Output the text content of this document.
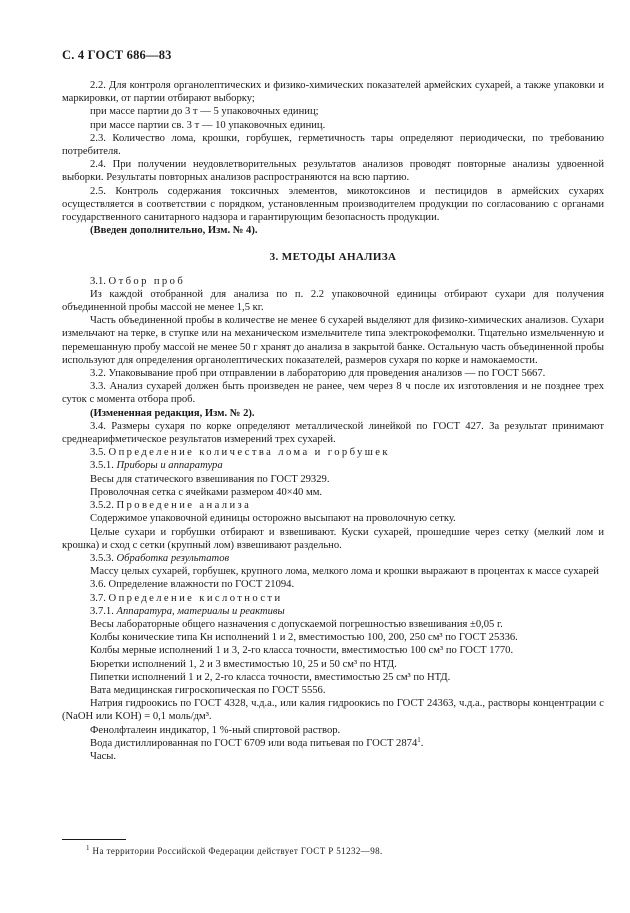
С. 4 ГОСТ 686—83

2.2. Для контроля органолептических и физико-химических показателей армейских сухарей, а также упаковки и маркировки, от партии отбирают выборку;

при массе партии до 3 т — 5 упаковочных единиц;

при массе партии св. 3 т — 10 упаковочных единиц.

2.3. Количество лома, крошки, горбушек, герметичность тары определяют периодически, по требованию потребителя.

2.4. При получении неудовлетворительных результатов анализов проводят повторные анализы удвоенной выборки. Результаты повторных анализов распространяются на всю партию.

2.5. Контроль содержания токсичных элементов, микотоксинов и пестицидов в армейских сухарях осуществляется в соответствии с порядком, установленным производителем продукции по согласованию с органами государственного санитарного надзора и гарантирующим безопасность продукции.

(Введен дополнительно, Изм. № 4).

3. МЕТОДЫ АНАЛИЗА

3.1. Отбор проб

Из каждой отобранной для анализа по п. 2.2 упаковочной единицы отбирают сухари для получения объединенной пробы массой не менее 1,5 кг.

Часть объединенной пробы в количестве не менее 6 сухарей выделяют для физико-химических анализов. Сухари измельчают на терке, в ступке или на механическом измельчителе типа электрокофемолки. Тщательно измельченную и перемешанную пробу массой не менее 50 г хранят до анализа в закрытой банке. Остальную часть объединенной пробы используют для определения органолептических показателей, размеров сухаря по корке и намокаемости.

3.2. Упаковывание проб при отправлении в лабораторию для проведения анализов — по ГОСТ 5667.

3.3. Анализ сухарей должен быть произведен не ранее, чем через 8 ч после их изготовления и не позднее трех суток с момента отбора проб.

(Измененная редакция, Изм. № 2).

3.4. Размеры сухаря по корке определяют металлической линейкой по ГОСТ 427. За результат принимают среднеарифметическое результатов измерений трех сухарей.

3.5. Определение количества лома и горбушек

3.5.1. Приборы и аппаратура

Весы для статического взвешивания по ГОСТ 29329.

Проволочная сетка с ячейками размером 40×40 мм.

3.5.2. Проведение анализа

Содержимое упаковочной единицы осторожно высыпают на проволочную сетку.

Целые сухари и горбушки отбирают и взвешивают. Куски сухарей, прошедшие через сетку (мелкий лом и крошка) и сход с сетки (крупный лом) взвешивают раздельно.

3.5.3. Обработка результатов

Массу целых сухарей, горбушек, крупного лома, мелкого лома и крошки выражают в процентах к массе сухарей

3.6. Определение влажности по ГОСТ 21094.

3.7. Определение кислотности

3.7.1. Аппаратура, материалы и реактивы

Весы лабораторные общего назначения с допускаемой погрешностью взвешивания ±0,05 г.

Колбы конические типа Кн исполнений 1 и 2, вместимостью 100, 200, 250 см³ по ГОСТ 25336.

Колбы мерные исполнений 1 и 3, 2-го класса точности, вместимостью 100 см³ по ГОСТ 1770.

Бюретки исполнений 1, 2 и 3 вместимостью 10, 25 и 50 см³ по НТД.

Пипетки исполнений 1 и 2, 2-го класса точности, вместимостью 25 см³ по НТД.

Вата медицинская гигроскопическая по ГОСТ 5556.

Натрия гидроокись по ГОСТ 4328, ч.д.а., или калия гидроокись по ГОСТ 24363, ч.д.а., растворы концентрации с (NaOH или KOH) = 0,1 моль/дм³.

Фенолфталеин индикатор, 1 %-ный спиртовой раствор.

Вода дистиллированная по ГОСТ 6709 или вода питьевая по ГОСТ 2874$^1$.

Часы.

$^1$ На территории Российской Федерации действует ГОСТ Р 51232—98.
